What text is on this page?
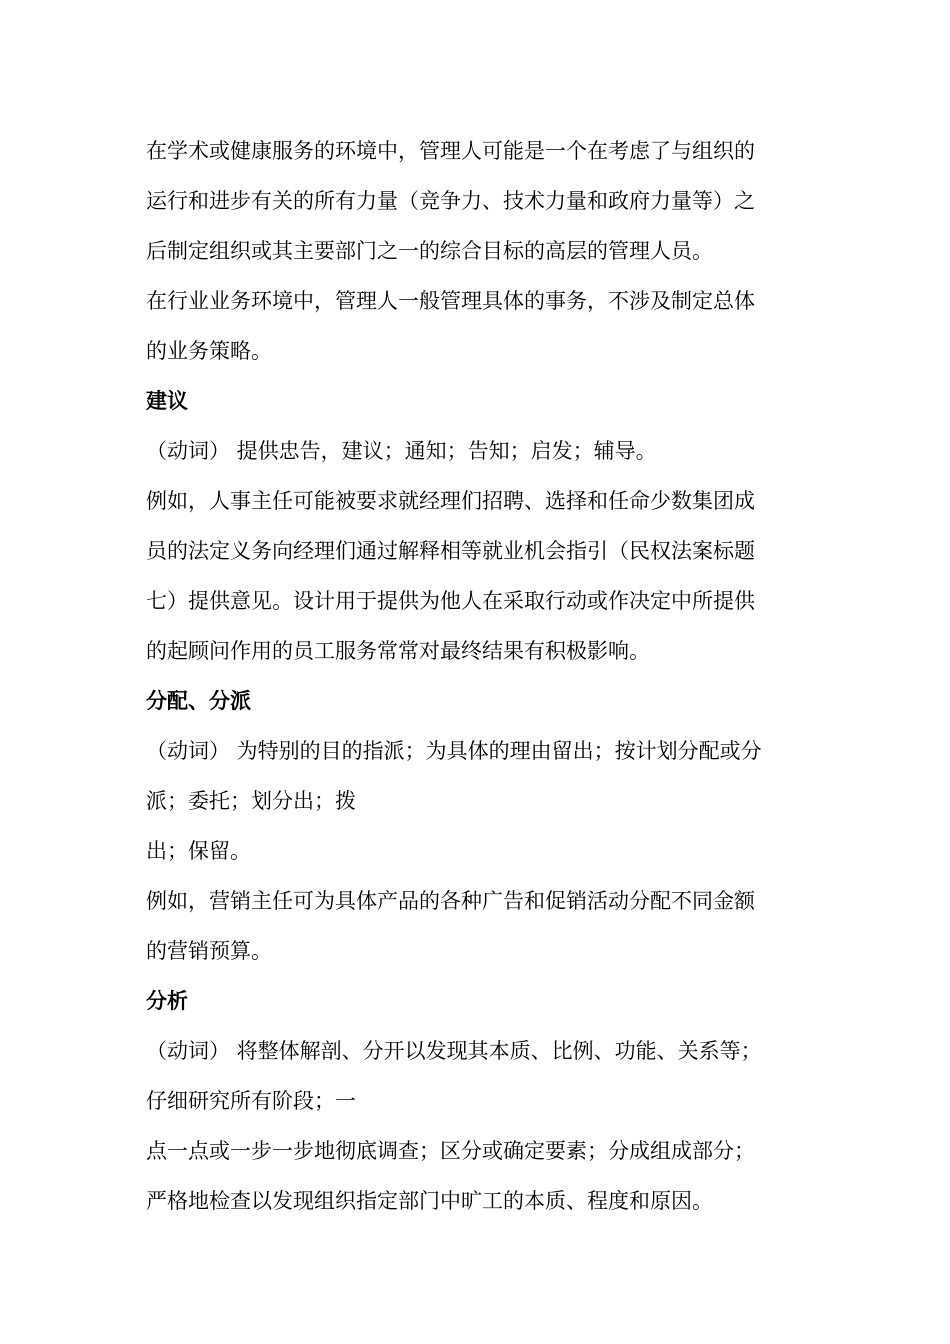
在学术或健康服务的环境中，管理人可能是一个在考虑了与组织的

运行和进步有关的所有力量（竞争力、技术力量和政府力量等）之

后制定组织或其主要部门之一的综合目标的高层的管理人员。

在行业业务环境中，管理人一般管理具体的事务，不涉及制定总体

的业务策略。

建议

（动词） 提供忠告，建议；通知；告知；启发；辅导。

例如，人事主任可能被要求就经理们招聘、选择和任命少数集团成

员的法定义务向经理们通过解释相等就业机会指引（民权法案标题

七）提供意见。设计用于提供为他人在采取行动或作决定中所提供

的起顾问作用的员工服务常常对最终结果有积极影响。

分配、分派

（动词） 为特别的目的指派；为具体的理由留出；按计划分配或分

派；委托；划分出；拨

出；保留。

例如，营销主任可为具体产品的各种广告和促销活动分配不同金额

的营销预算。

分析

（动词） 将整体解剖、分开以发现其本质、比例、功能、关系等；

仔细研究所有阶段；一

点一点或一步一步地彻底调查；区分或确定要素；分成组成部分；

严格地检查以发现组织指定部门中旷工的本质、程度和原因。
